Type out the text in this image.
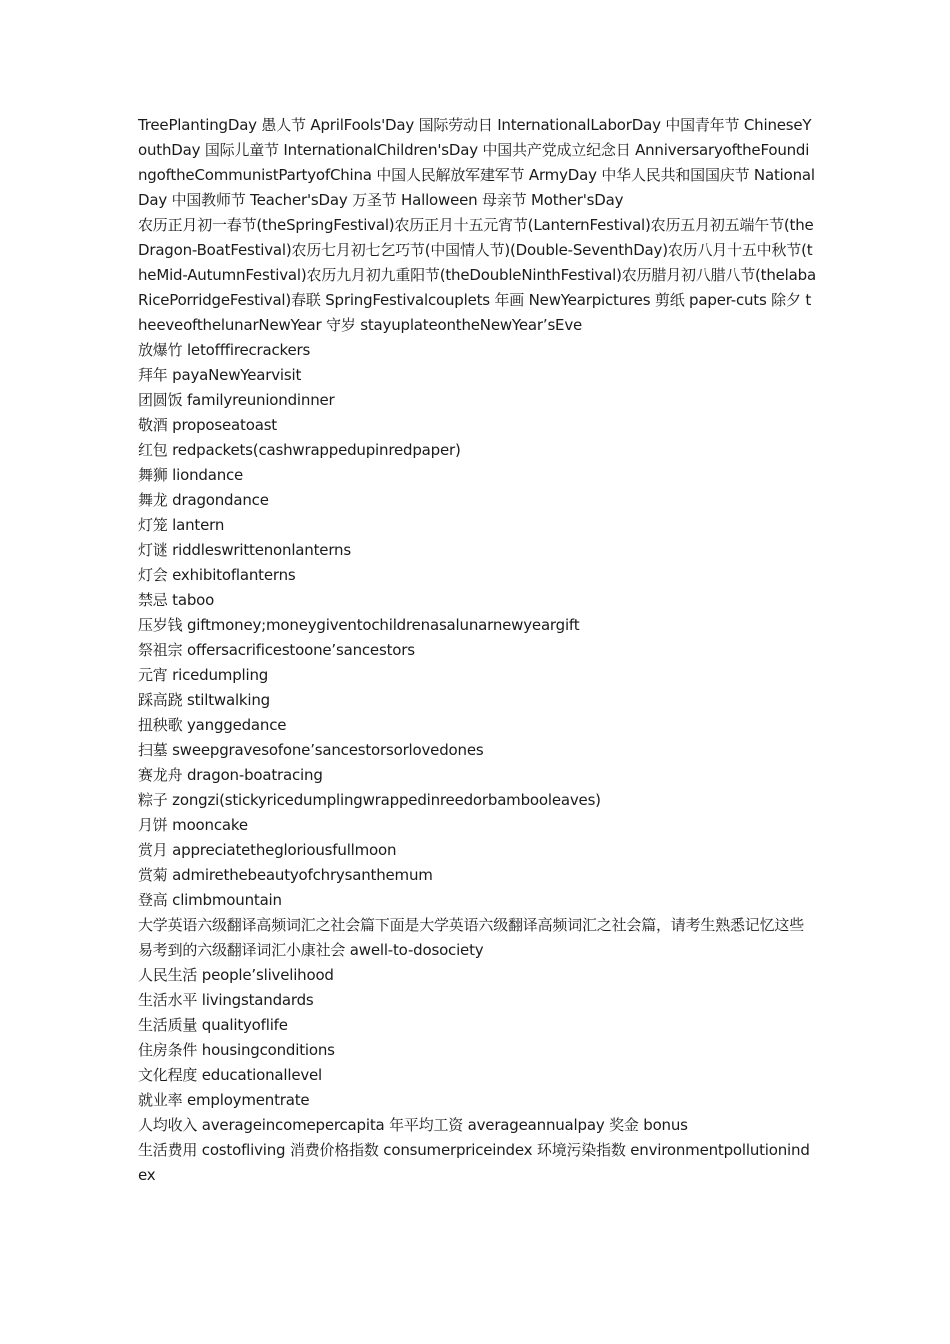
TreePlantingDay 愚人节 AprilFools'Day 国际劳动日 InternationalLaborDay 中国青年节 ChineseYouthDay 国际儿童节 InternationalChildren'sDay 中国共产党成立纪念日 AnniversaryoftheFoundingoftheCommunistPartyofChina 中国人民解放军建军节 ArmyDay 中华人民共和国国庆节 NationalDay 中国教师节 Teacher'sDay 万圣节 Halloween 母亲节 Mother'sDay
农历正月初一春节(theSpringFestival)农历正月十五元宵节(LanternFestival)农历五月初五端午节(theDragon-BoatFestival)农历七月初七乞巧节(中国情人节)(Double-SeventhDay)农历八月十五中秋节(theMid-AutumnFestival)农历九月初九重阳节(theDoubleNinthFestival)农历腊月初八腊八节(thelabaRicePorridgeFestival)春联 SpringFestivalcouplets 年画 NewYearpictures 剪纸 paper-cuts 除夕 theeveofthelunarNewYear 守岁 stayuplateontheNewYear’sEve
放爆竹 letofffirecrackers
拜年 payaNewYearvisit
团圆饭 familyreuniondinner
敬酒 proposeatoast
红包 redpackets(cashwrappedupinredpaper)
舞狮 liondance
舞龙 dragondance
灯笼 lantern
灯谜 riddleswrittenonlanterns
灯会 exhibitoflanterns
禁忌 taboo
压岁钱 giftmoney;moneygiventochildrenasalunarnewyeargift
祭祖宗 offersacrificestoone’sancestors
元宵 ricedumpling
踩高跷 stiltwalking
扭秧歌 yanggedance
扫墓 sweepgravesofone’sancestorsorlovedones
赛龙舟 dragon-boatracing
粽子 zongzi(stickyricedumplingwrappedinreedorbambooleaves)
月饼 mooncake
赏月 appreciatethegloriousfullmoon
赏菊 admirethebeautyofchrysanthemum
登高 climbmountain
大学英语六级翻译高频词汇之社会篇下面是大学英语六级翻译高频词汇之社会篇，请考生熟悉记忆这些易考到的六级翻译词汇小康社会 awell-to-dosociety
人民生活 people’slivelihood
生活水平 livingstandards
生活质量 qualityoflife
住房条件 housingconditions
文化程度 educationallevel
就业率 employmentrate
人均收入 averageincomepercapita 年平均工资 averageannualpay 奖金 bonus
生活费用 costofliving 消费价格指数 consumerpriceindex 环境污染指数 environmentpollutionindex
